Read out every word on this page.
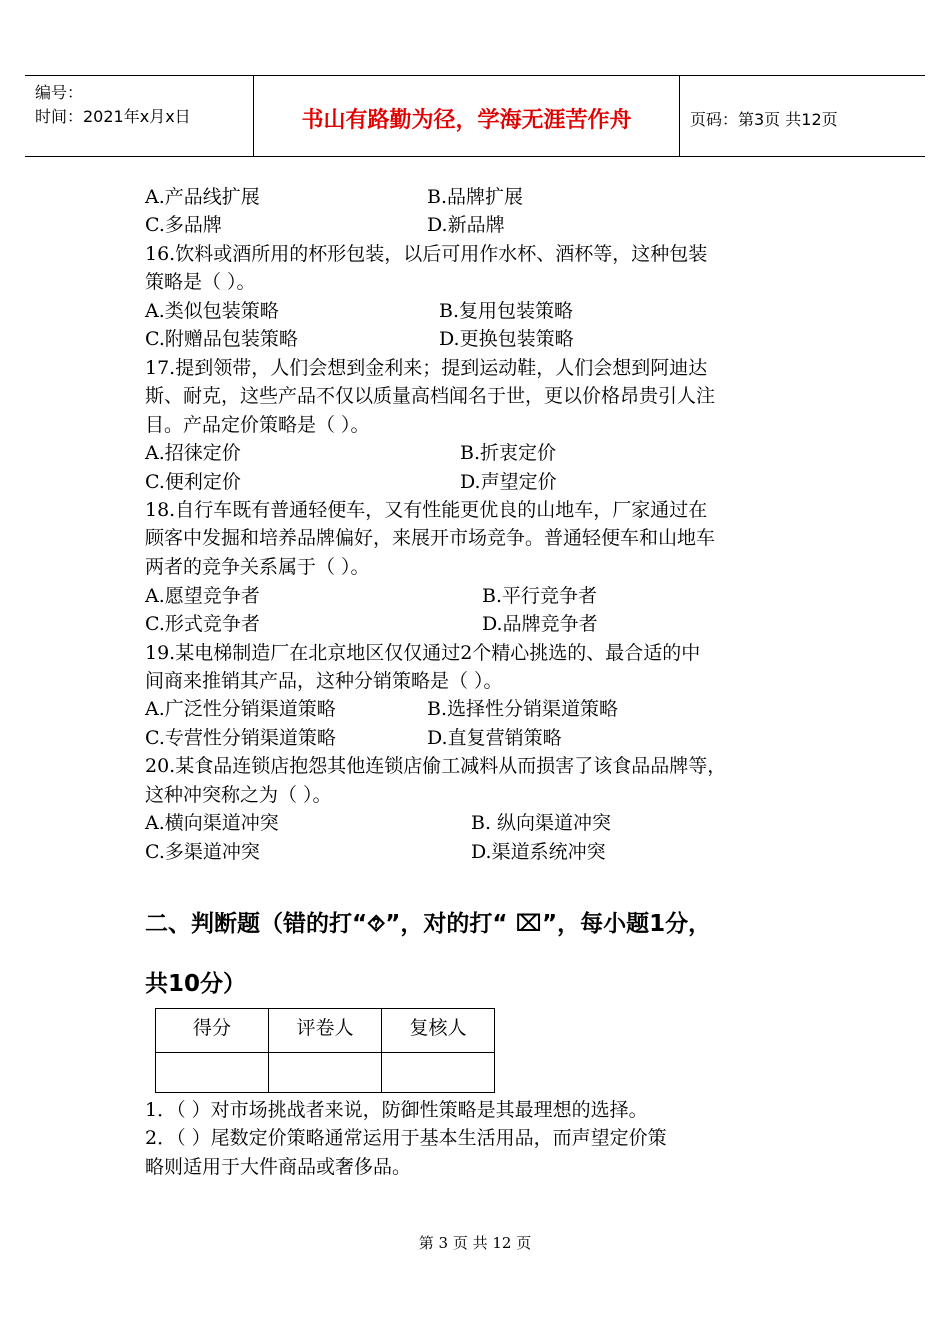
编号：
时间：2021年x月x日	书山有路勤为径，学海无涯苦作舟	页码：第3页 共12页
A.产品线扩展	B.品牌扩展
C.多品牌	D.新品牌
16.饮料或酒所用的杯形包装，以后可用作水杯、酒杯等，这种包装
策略是（ ）。
A.类似包装策略	B.复用包装策略
C.附赠品包装策略	D.更换包装策略
17.提到领带，人们会想到金利来；提到运动鞋，人们会想到阿迪达
斯、耐克，这些产品不仅以质量高档闻名于世，更以价格昂贵引人注
目。产品定价策略是（ ）。
A.招徕定价	B.折衷定价
C.便利定价	D.声望定价
18.自行车既有普通轻便车，又有性能更优良的山地车，厂家通过在
顾客中发掘和培养品牌偏好，来展开市场竞争。普通轻便车和山地车
两者的竞争关系属于（ ）。
A.愿望竞争者	B.平行竞争者
C.形式竞争者	D.品牌竞争者
19.某电梯制造厂在北京地区仅仅通过2个精心挑选的、最合适的中
间商来推销其产品，这种分销策略是（ ）。
A.广泛性分销渠道策略	B.选择性分销渠道策略
C.专营性分销渠道策略	D.直复营销策略
20.某食品连锁店抱怨其他连锁店偷工减料从而损害了该食品品牌等，
这种冲突称之为（ ）。
A.横向渠道冲突	B. 纵向渠道冲突
C.多渠道冲突	D.渠道系统冲突
二、判断题（错的打“⯑”，对的打“ ⌧”，每小题1分，
共10分）
1．（ ）对市场挑战者来说，防御性策略是其最理想的选择。
2．（ ）尾数定价策略通常运用于基本生活用品，而声望定价策
略则适用于大件商品或奢侈品。
得分	评卷人	复核人

第 3 页 共 12 页
